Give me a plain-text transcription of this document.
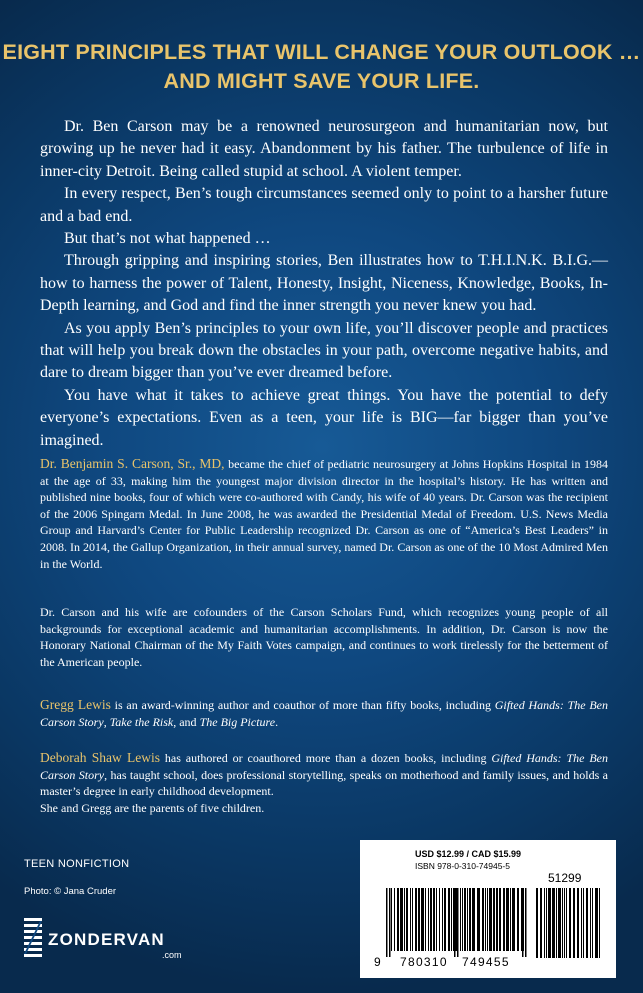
EIGHT PRINCIPLES THAT WILL CHANGE YOUR OUTLOOK …
AND MIGHT SAVE YOUR LIFE.

Dr. Ben Carson may be a renowned neurosurgeon and humanitarian now, but growing up he never had it easy. Abandonment by his father. The turbulence of life in inner-city Detroit. Being called stupid at school. A violent temper.

In every respect, Ben’s tough circumstances seemed only to point to a harsher future and a bad end.

But that’s not what happened …

Through gripping and inspiring stories, Ben illustrates how to T.H.I.N.K. B.I.G.—how to harness the power of Talent, Honesty, Insight, Niceness, Knowledge, Books, In-Depth learning, and God and find the inner strength you never knew you had.

As you apply Ben’s principles to your own life, you’ll discover people and practices that will help you break down the obstacles in your path, overcome negative habits, and dare to dream bigger than you’ve ever dreamed before.

You have what it takes to achieve great things. You have the potential to defy everyone’s expectations. Even as a teen, your life is BIG—far bigger than you’ve imagined.

Dr. Benjamin S. Carson, Sr., MD, became the chief of pediatric neurosurgery at Johns Hopkins Hospital in 1984 at the age of 33, making him the youngest major division director in the hospital’s history. He has written and published nine books, four of which were co-authored with Candy, his wife of 40 years. Dr. Carson was the recipient of the 2006 Spingarn Medal. In June 2008, he was awarded the Presidential Medal of Freedom. U.S. News Media Group and Harvard’s Center for Public Leadership recognized Dr. Carson as one of “America’s Best Leaders” in 2008. In 2014, the Gallup Organization, in their annual survey, named Dr. Carson as one of the 10 Most Admired Men in the World.

Dr. Carson and his wife are cofounders of the Carson Scholars Fund, which recognizes young people of all backgrounds for exceptional academic and humanitarian accomplishments. In addition, Dr. Carson is now the Honorary National Chairman of the My Faith Votes campaign, and continues to work tirelessly for the betterment of the American people.

Gregg Lewis is an award-winning author and coauthor of more than fifty books, including Gifted Hands: The Ben Carson Story, Take the Risk, and The Big Picture.

Deborah Shaw Lewis has authored or coauthored more than a dozen books, including Gifted Hands: The Ben Carson Story, has taught school, does professional storytelling, speaks on motherhood and family issues, and holds a master’s degree in early childhood development.

She and Gregg are the parents of five children.

TEEN NONFICTION
Photo: © Jana Cruder
ZONDERVAN
.com
USD $12.99 / CAD $15.99
ISBN 978-0-310-74945-5
51299
9 780310 749455
